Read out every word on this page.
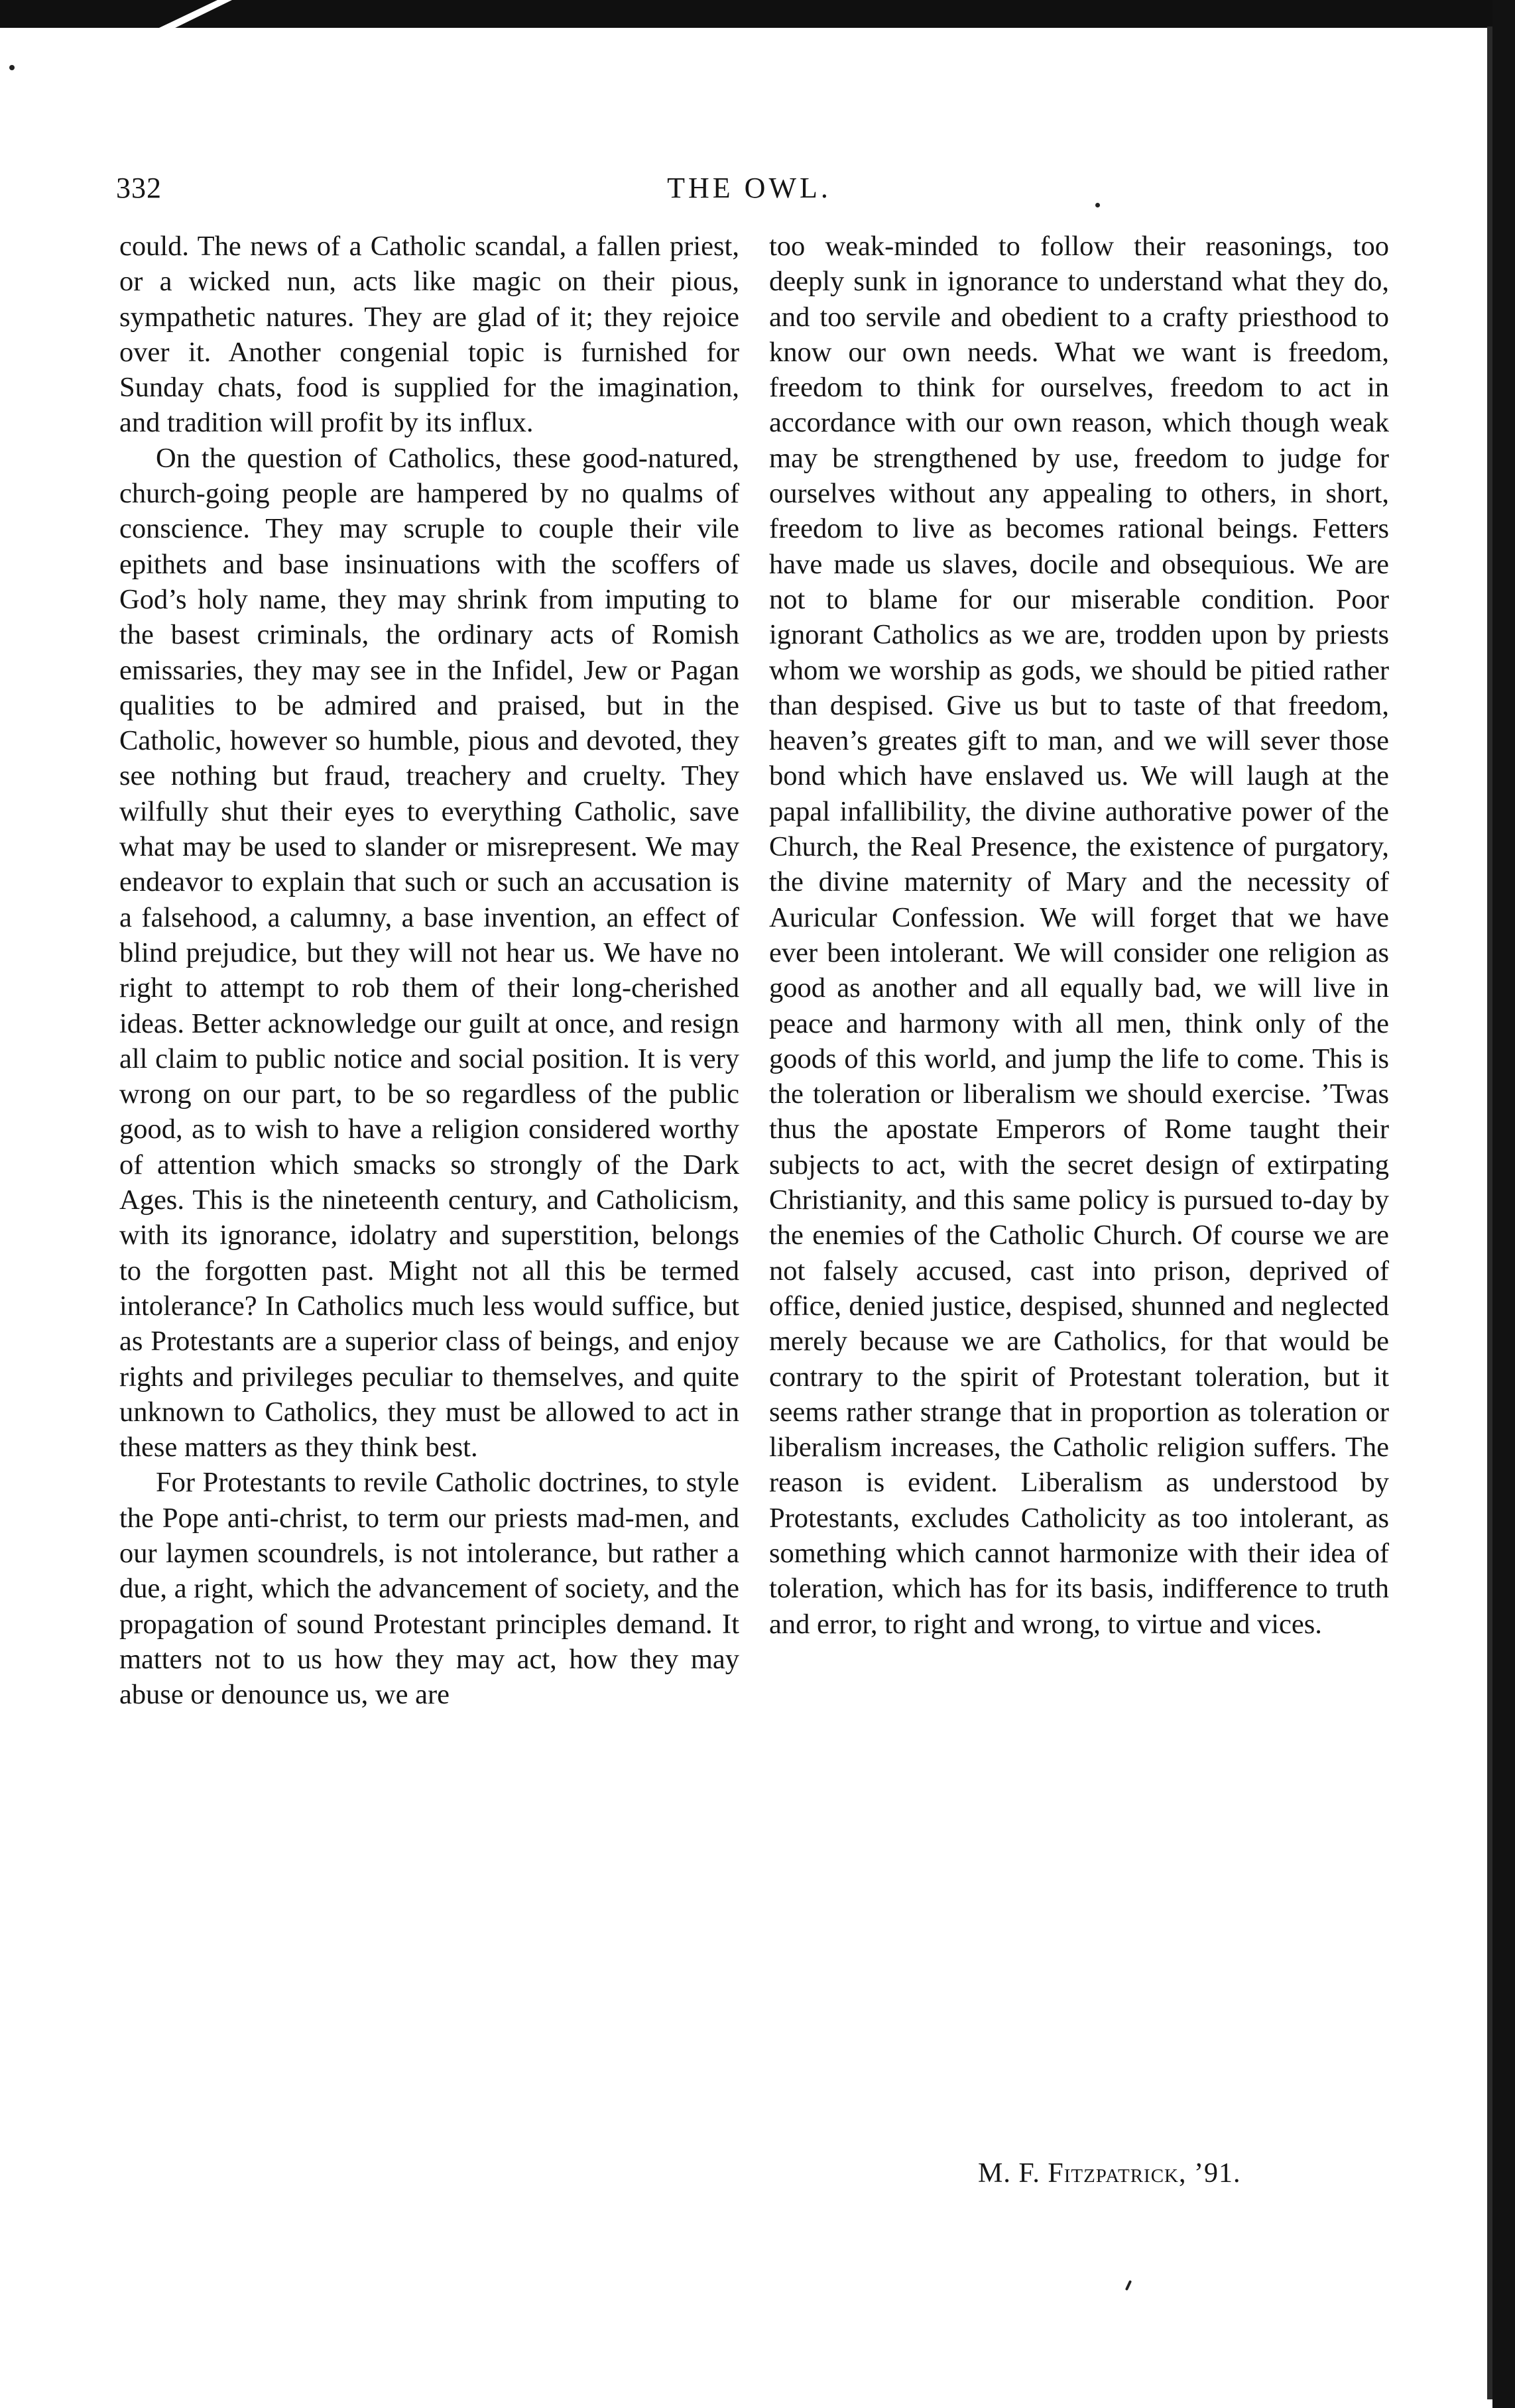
332	THE OWL.

could. The news of a Catholic scandal, a fallen priest, or a wicked nun, acts like magic on their pious, sympathetic natures. They are glad of it; they rejoice over it. Another congenial topic is furnished for Sunday chats, food is supplied for the imagination, and tradition will profit by its influx.

On the question of Catholics, these good-natured, church-going people are hampered by no qualms of conscience. They may scruple to couple their vile epithets and base insinuations with the scoffers of God’s holy name, they may shrink from imputing to the basest criminals, the ordinary acts of Romish emissaries, they may see in the Infidel, Jew or Pagan qualities to be admired and praised, but in the Catholic, however so humble, pious and devoted, they see nothing but fraud, treachery and cruelty. They wilfully shut their eyes to everything Catholic, save what may be used to slander or misrepresent. We may endeavor to explain that such or such an accusation is a falsehood, a calumny, a base invention, an effect of blind prejudice, but they will not hear us. We have no right to attempt to rob them of their long-cherished ideas. Better acknowledge our guilt at once, and resign all claim to public notice and social position. It is very wrong on our part, to be so regardless of the public good, as to wish to have a religion considered worthy of attention which smacks so strongly of the Dark Ages. This is the nineteenth century, and Catholicism, with its ignorance, idolatry and superstition, belongs to the forgotten past. Might not all this be termed intolerance? In Catholics much less would suffice, but as Protestants are a superior class of beings, and enjoy rights and privileges peculiar to themselves, and quite unknown to Catholics, they must be allowed to act in these matters as they think best.

For Protestants to revile Catholic doctrines, to style the Pope anti-christ, to term our priests mad-men, and our laymen scoundrels, is not intolerance, but rather a due, a right, which the advancement of society, and the propagation of sound Protestant principles demand. It matters not to us how they may act, how they may abuse or denounce us, we are

too weak-minded to follow their reasonings, too deeply sunk in ignorance to understand what they do, and too servile and obedient to a crafty priesthood to know our own needs. What we want is freedom, freedom to think for ourselves, freedom to act in accordance with our own reason, which though weak may be strengthened by use, freedom to judge for ourselves without any appealing to others, in short, freedom to live as becomes rational beings. Fetters have made us slaves, docile and obsequious. We are not to blame for our miserable condition. Poor ignorant Catholics as we are, trodden upon by priests whom we worship as gods, we should be pitied rather than despised. Give us but to taste of that freedom, heaven’s greates gift to man, and we will sever those bond which have enslaved us. We will laugh at the papal infallibility, the divine authorative power of the Church, the Real Presence, the existence of purgatory, the divine maternity of Mary and the necessity of Auricular Confession. We will forget that we have ever been intolerant. We will consider one religion as good as another and all equally bad, we will live in peace and harmony with all men, think only of the goods of this world, and jump the life to come. This is the toleration or liberalism we should exercise. ’Twas thus the apostate Emperors of Rome taught their subjects to act, with the secret design of extirpating Christianity, and this same policy is pursued to-day by the enemies of the Catholic Church. Of course we are not falsely accused, cast into prison, deprived of office, denied justice, despised, shunned and neglected merely because we are Catholics, for that would be contrary to the spirit of Protestant toleration, but it seems rather strange that in proportion as toleration or liberalism increases, the Catholic religion suffers. The reason is evident. Liberalism as understood by Protestants, excludes Catholicity as too intolerant, as something which cannot harmonize with their idea of toleration, which has for its basis, indifference to truth and error, to right and wrong, to virtue and vices.

M. F. Fitzpatrick, ’91.
